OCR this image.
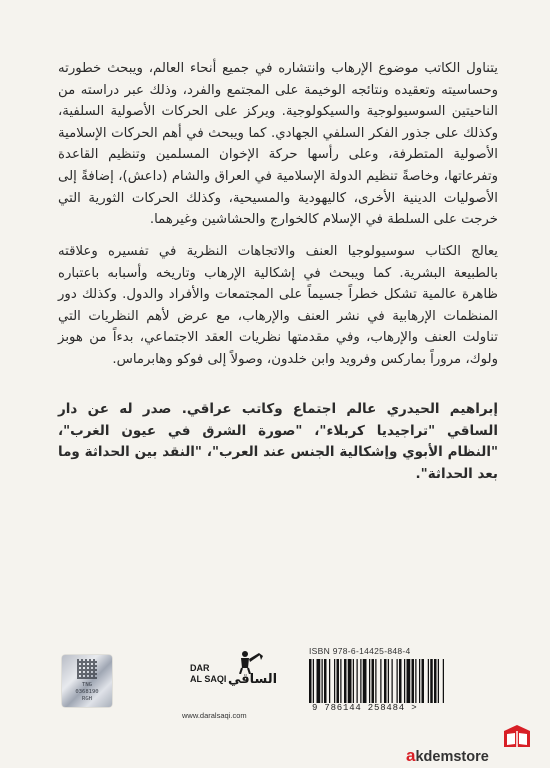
يتناول الكاتب موضوع الإرهاب وانتشاره في جميع أنحاء العالم، ويبحث خطورته وحساسيته وتعقيده ونتائجه الوخيمة على المجتمع والفرد، وذلك عبر دراسته من الناحيتين السوسيولوجية والسيكولوجية. ويركز على الحركات الأصولية السلفية، وكذلك على جذور الفكر السلفي الجهادي. كما ويبحث في أهم الحركات الإسلامية الأصولية المتطرفة، وعلى رأسها حركة الإخوان المسلمين وتنظيم القاعدة وتفرعاتها، وخاصةً تنظيم الدولة الإسلامية في العراق والشام (داعش)، إضافةً إلى الأصوليات الدينية الأخرى، كاليهودية والمسيحية، وكذلك الحركات الثورية التي خرجت على السلطة في الإسلام كالخوارج والحشاشين وغيرهما.

يعالج الكتاب سوسيولوجيا العنف والاتجاهات النظرية في تفسيره وعلاقته بالطبيعة البشرية. كما ويبحث في إشكالية الإرهاب وتاريخه وأسبابه باعتباره ظاهرة عالمية تشكل خطراً جسيماً على المجتمعات والأفراد والدول. وكذلك دور المنظمات الإرهابية في نشر العنف والإرهاب، مع عرض لأهم النظريات التي تناولت العنف والإرهاب، وفي مقدمتها نظريات العقد الاجتماعي، بدءاً من هوبز ولوك، مروراً بماركس وفرويد وابن خلدون، وصولاً إلى فوكو وهابرماس.

إبراهيم الحيدري عالم اجتماع وكاتب عراقي. صدر له عن دار الساقي "تراجيديا كربلاء"، "صورة الشرق في عيون الغرب"، "النظام الأبوي وإشكالية الجنس عند العرب"، "النقد بين الحداثة وما بعد الحداثة".

TNG
0368190
RGH
DAR
AL SAQI الساقي
www.daralsaqi.com
ISBN 978-6-14425-848-4
9 786144 258484 >
akdemstore
